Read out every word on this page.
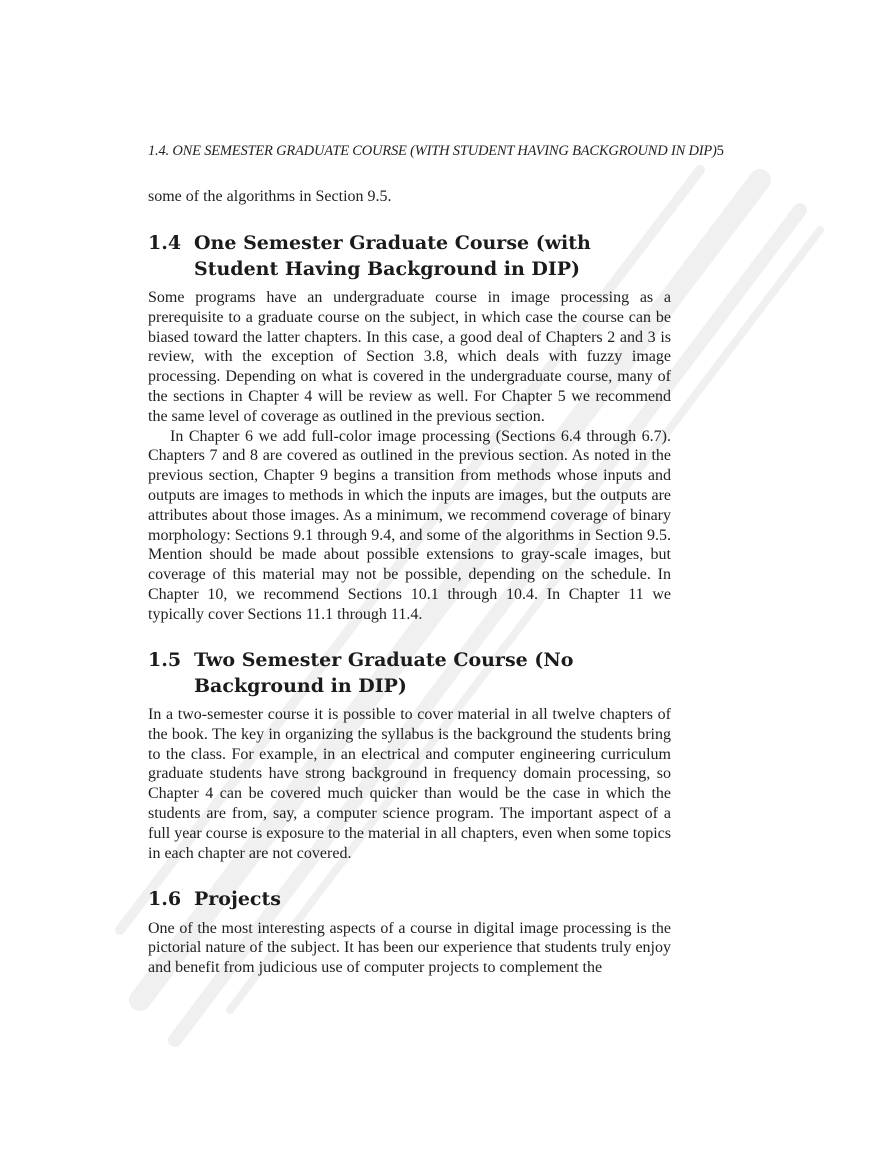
1.4. ONE SEMESTER GRADUATE COURSE (WITH STUDENT HAVING BACKGROUND IN DIP)5

some of the algorithms in Section 9.5.

1.4 One Semester Graduate Course (with Student Having Background in DIP)

Some programs have an undergraduate course in image processing as a prerequisite to a graduate course on the subject, in which case the course can be biased toward the latter chapters. In this case, a good deal of Chapters 2 and 3 is review, with the exception of Section 3.8, which deals with fuzzy image processing. Depending on what is covered in the undergraduate course, many of the sections in Chapter 4 will be review as well. For Chapter 5 we recommend the same level of coverage as outlined in the previous section.

In Chapter 6 we add full-color image processing (Sections 6.4 through 6.7). Chapters 7 and 8 are covered as outlined in the previous section. As noted in the previous section, Chapter 9 begins a transition from methods whose inputs and outputs are images to methods in which the inputs are images, but the outputs are attributes about those images. As a minimum, we recommend coverage of binary morphology: Sections 9.1 through 9.4, and some of the algorithms in Section 9.5. Mention should be made about possible extensions to gray-scale images, but coverage of this material may not be possible, depending on the schedule. In Chapter 10, we recommend Sections 10.1 through 10.4. In Chapter 11 we typically cover Sections 11.1 through 11.4.

1.5 Two Semester Graduate Course (No Background in DIP)

In a two-semester course it is possible to cover material in all twelve chapters of the book. The key in organizing the syllabus is the background the students bring to the class. For example, in an electrical and computer engineering curriculum graduate students have strong background in frequency domain processing, so Chapter 4 can be covered much quicker than would be the case in which the students are from, say, a computer science program. The important aspect of a full year course is exposure to the material in all chapters, even when some topics in each chapter are not covered.

1.6 Projects

One of the most interesting aspects of a course in digital image processing is the pictorial nature of the subject. It has been our experience that students truly enjoy and benefit from judicious use of computer projects to complement the
